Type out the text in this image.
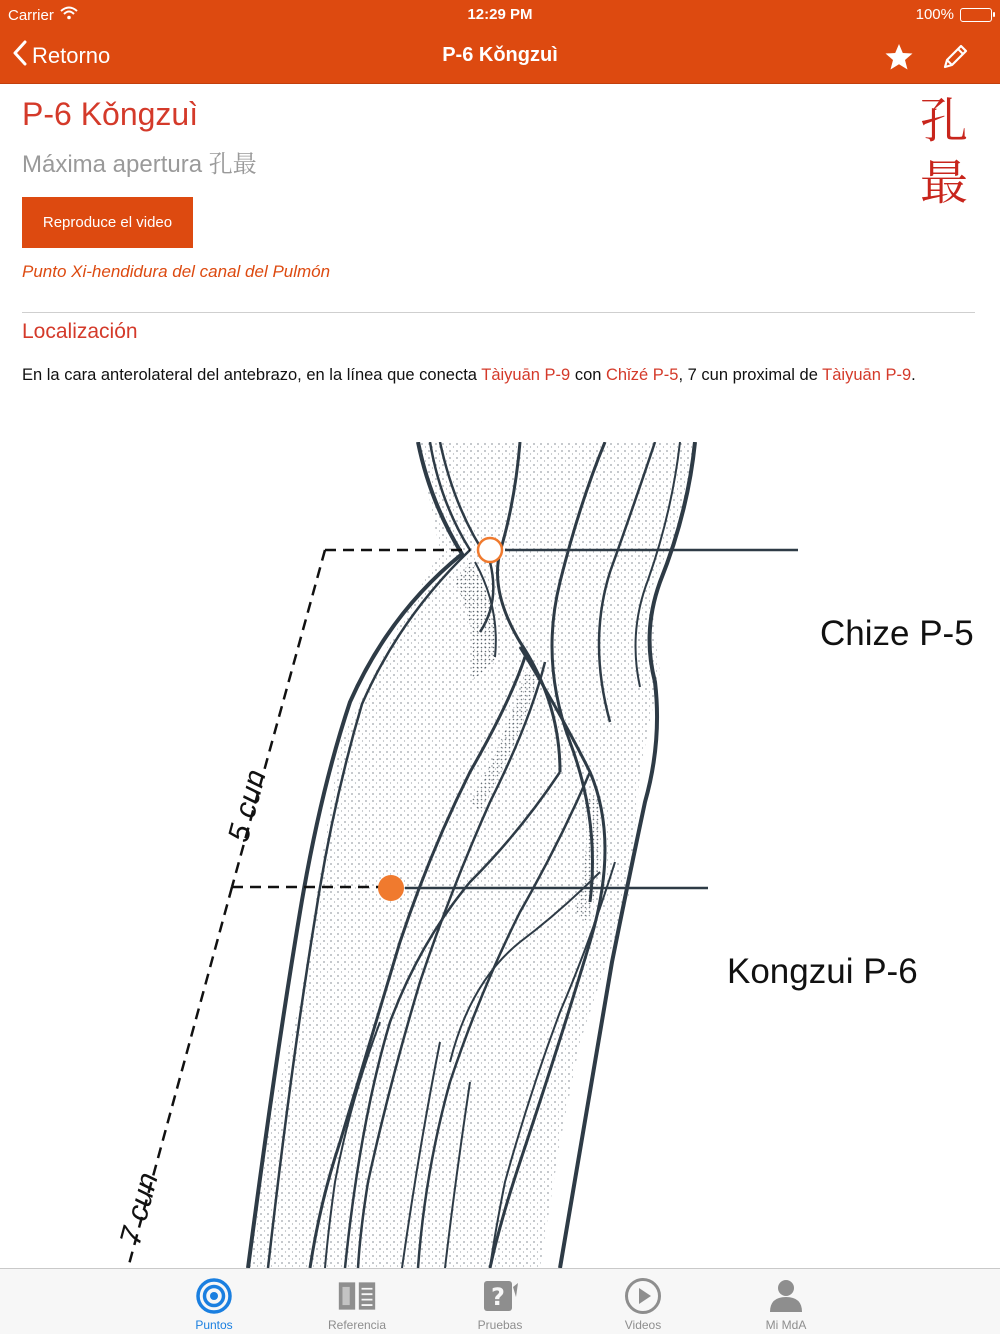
Carrier	12:29 PM	100%
Retorno	P-6 Kǒngzuì
P-6 Kǒngzuì
Máxima apertura 孔最
孔
最
Reproduce el video
Punto Xi-hendidura del canal del Pulmón
Localización
En la cara anterolateral del antebrazo, en la línea que conecta Tàiyuān P-9 con Chǐzé P-5, 7 cun proximal de Tàiyuān P-9.
Chize P-5
Kongzui P-6
5 cun
7 cun
Puntos	Referencia
?
Pruebas	Videos	Mi MdA
